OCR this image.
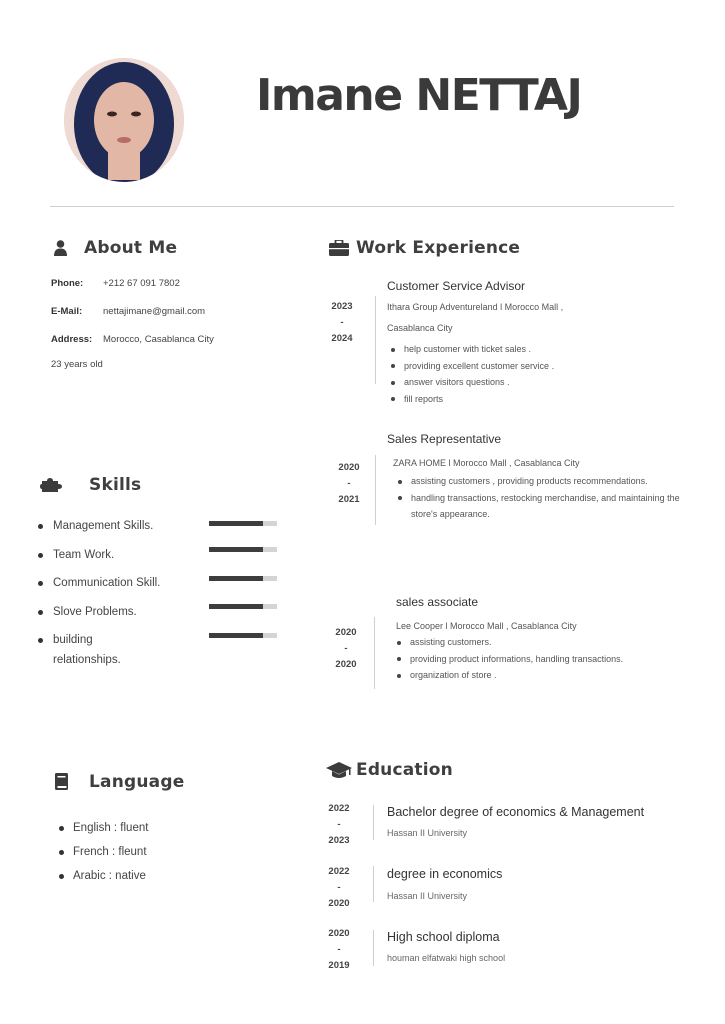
Imane NETTAJ
About Me
Phone: +212 67 091 7802
E-Mail: nettajimane@gmail.com
Address: Morocco, Casablanca City
23 years old
Skills
Management Skills.
Team Work.
Communication Skill.
Slove Problems.
building
relationships.
Language
English : fluent
French : fleunt
Arabic : native
Work Experience
2023
-
2024
Customer Service Advisor
Ithara Group Adventureland l Morocco Mall ,
Casablanca City
help customer with ticket sales .
providing excellent customer service .
answer visitors questions .
fill reports
2020
-
2021
Sales Representative
ZARA HOME l Morocco Mall , Casablanca City
assisting customers , providing products recommendations.
handling transactions, restocking merchandise, and maintaining the store's appearance.
2020
-
2020
sales associate
Lee Cooper l Morocco Mall , Casablanca City
assisting customers.
providing product informations, handling transactions.
organization of store .
Education
2022
-
2023
Bachelor degree of economics & Management
Hassan II University
2022
-
2020
degree in economics
Hassan II University
2020
-
2019
High school diploma
houman elfatwaki high school
